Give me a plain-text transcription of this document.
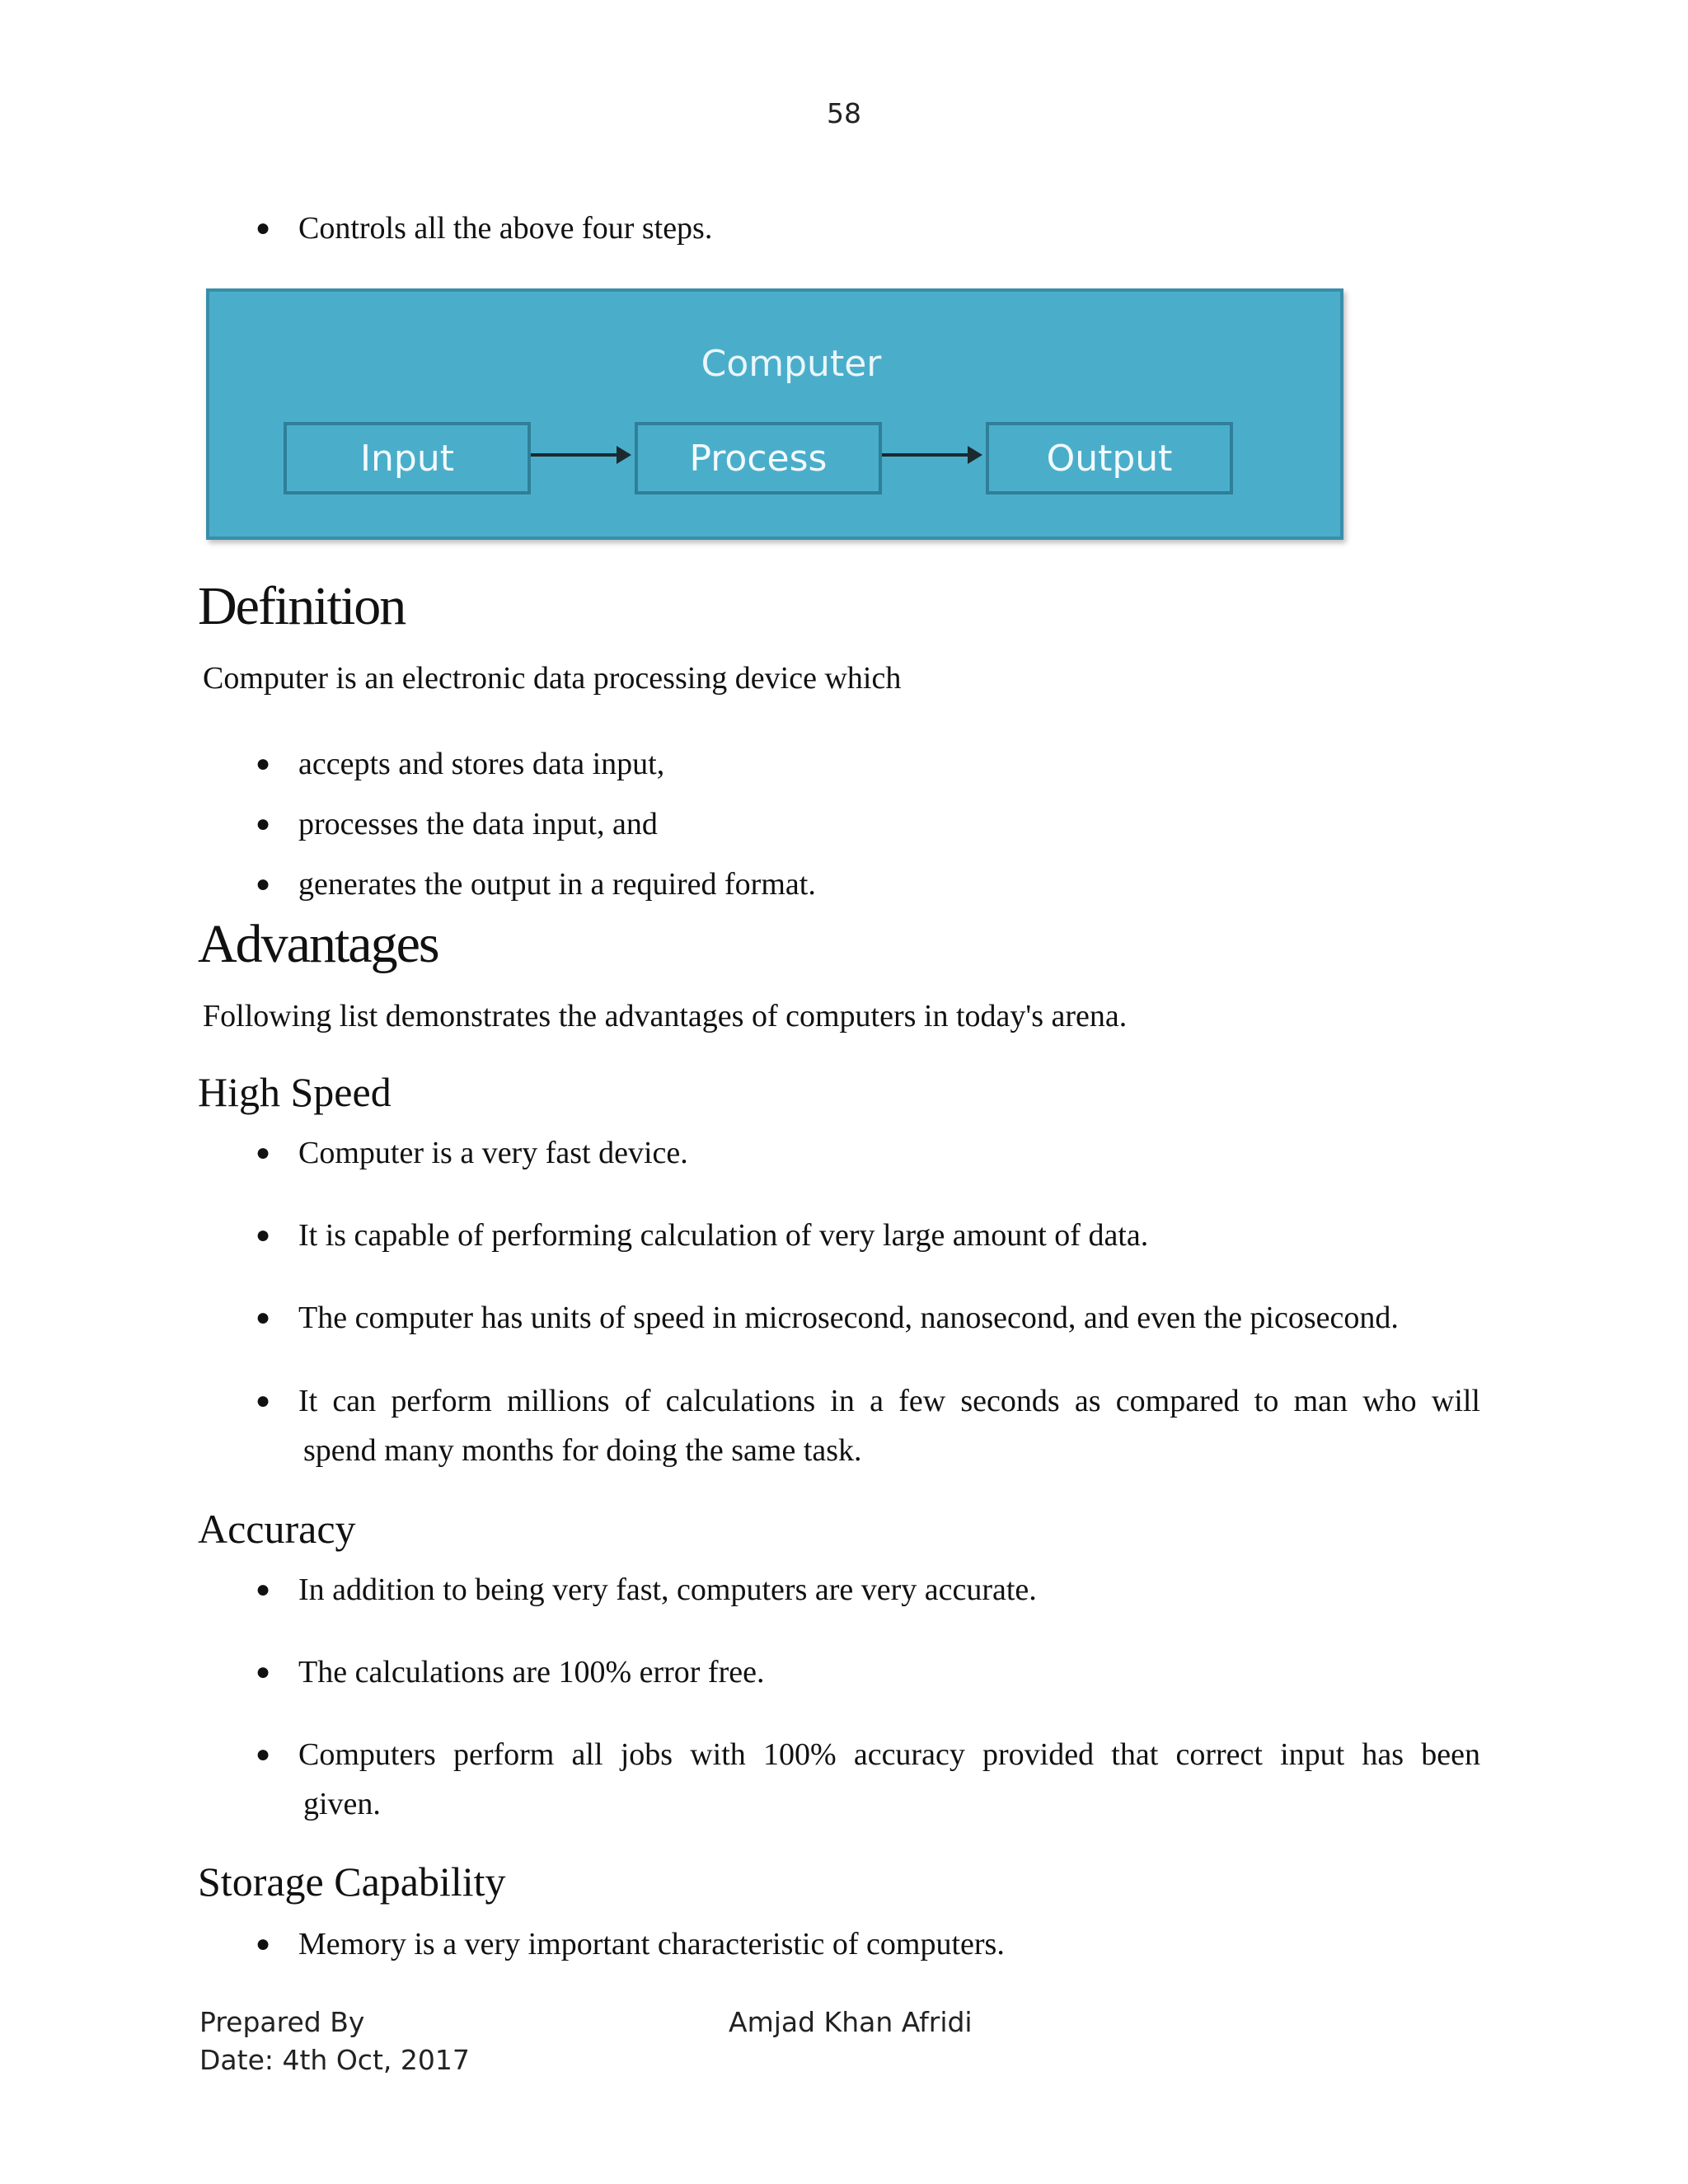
58
● Controls all the above four steps.
Computer
Input	Process	Output
Definition
Computer is an electronic data processing device which
● accepts and stores data input,
● processes the data input, and
● generates the output in a required format.
Advantages
Following list demonstrates the advantages of computers in today's arena.
High Speed
● Computer is a very fast device.
● It is capable of performing calculation of very large amount of data.
● The computer has units of speed in microsecond, nanosecond, and even the picosecond.
● It can perform millions of calculations in a few seconds as compared to man who will
spend many months for doing the same task.
Accuracy
● In addition to being very fast, computers are very accurate.
● The calculations are 100% error free.
● Computers perform all jobs with 100% accuracy provided that correct input has been
given.
Storage Capability
● Memory is a very important characteristic of computers.
Prepared By	Amjad Khan Afridi
Date: 4th Oct, 2017
